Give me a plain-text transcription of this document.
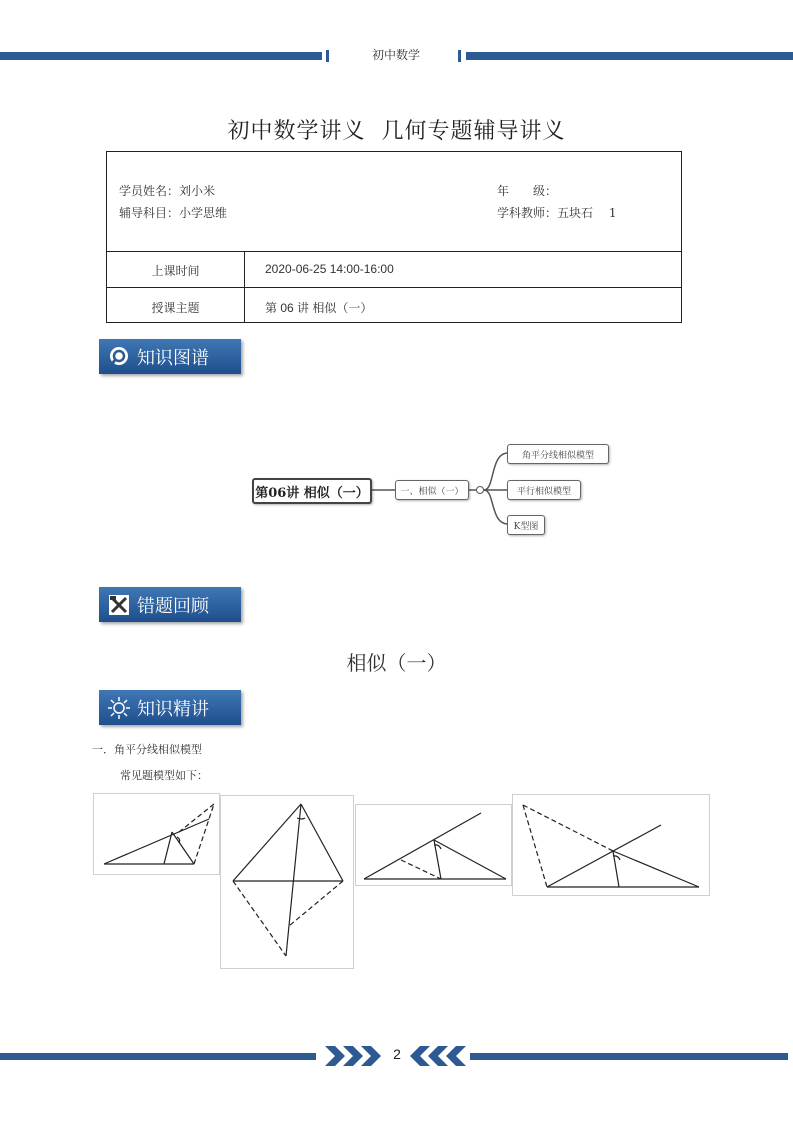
初中数学
初中数学讲义 几何专题辅导讲义
学员姓名：刘小米
辅导科目：小学思维
年　　级：
学科教师：五块石　 1
上课时间	2020-06-25 14:00-16:00
授课主题	第 06 讲 相似（一）
知识图谱
第06讲 相似（一）	一、相似（一）
角平分线相似模型
平行相似模型
K型图
错题回顾
相似（一）
知识精讲
一．角平分线相似模型
常见题模型如下：
2
